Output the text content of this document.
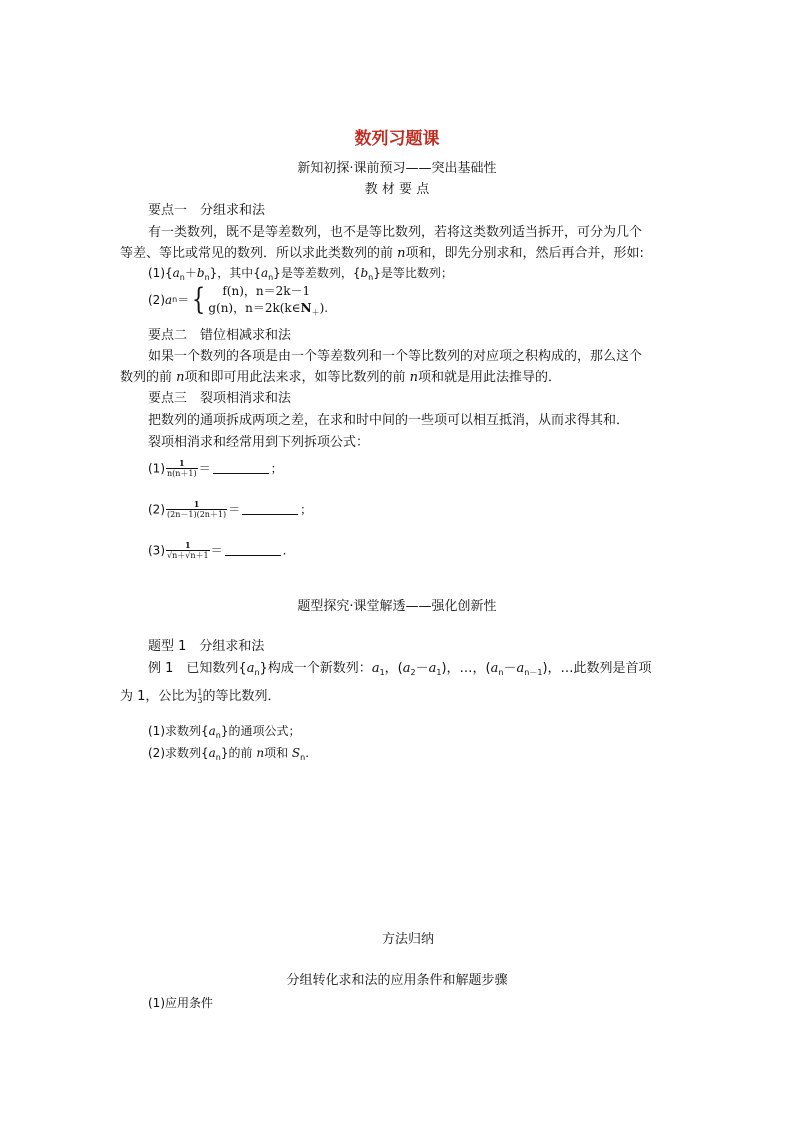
数列习题课
新知初探·课前预习——突出基础性
教 材 要 点
要点一　分组求和法
有一类数列，既不是等差数列，也不是等比数列，若将这类数列适当拆开，可分为几个
等差、等比或常见的数列．所以求此类数列的前 n项和，即先分别求和，然后再合并，形如:
$(1)\{a_n+b_n\}$，其中$\{a_n\}$是等差数列，$\{b_n\}$是等比数列；
(2)an＝{	f(n)，n＝2k－1
g(n)，$n=2k(k\in N_+)$.
要点二　错位相减求和法
如果一个数列的各项是由一个等差数列和一个等比数列的对应项之积构成的，那么这个
数列的前 n项和即可用此法来求，如等比数列的前 n项和就是用此法推导的．
要点三　裂项相消求和法
把数列的通项拆成两项之差，在求和时中间的一些项可以相互抵消，从而求得其和．
裂项相消求和经常用到下列拆项公式：
$(1) \frac{1}{n(n+1)}$ ＝	；
$(2) \frac{1}{(2n-1)(2n+1)}$ ＝	；
$(3) \frac{1}{√n+√n+1}$ ＝	.
题型探究·课堂解透——强化创新性
题型 1　分组求和法
例 1　已知数列$\{a_n\}$构成一个新数列：$a_1$，$(a_2-a_1)$，…，$(a_n-a_{n-1})$，…此数列是首项
为 1，公比为 1
3 的等比数列．
(1)求数列$\{a_n\}$的通项公式；
(2)求数列$\{a_n\}$的前 n项和 $S_n$.
方法归纳
分组转化求和法的应用条件和解题步骤
(1)应用条件
